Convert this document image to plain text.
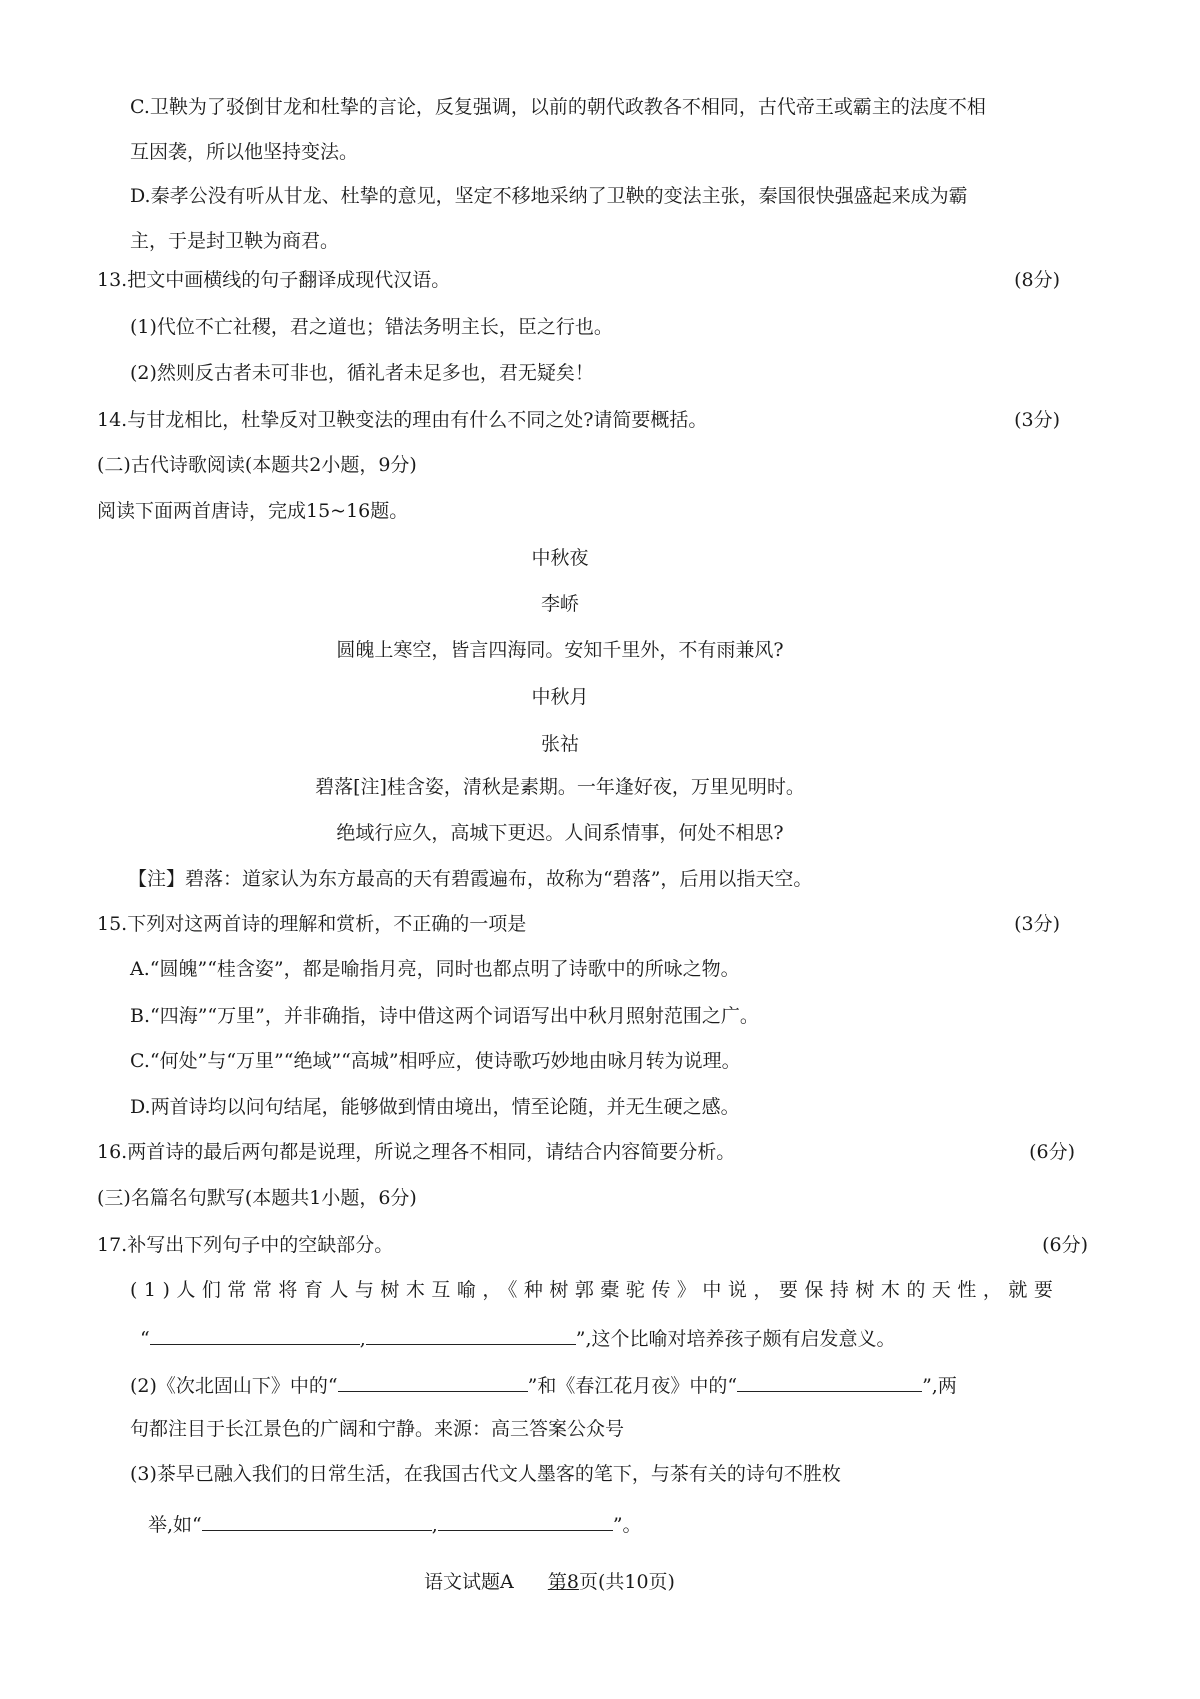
C.卫鞅为了驳倒甘龙和杜挚的言论，反复强调，以前的朝代政教各不相同，古代帝王或霸主的法度不相
互因袭，所以他坚持变法。
D.秦孝公没有听从甘龙、杜挚的意见，坚定不移地采纳了卫鞅的变法主张，秦国很快强盛起来成为霸
主，于是封卫鞅为商君。
13.把文中画横线的句子翻译成现代汉语。	(8分)
(1)代位不亡社稷，君之道也；错法务明主长，臣之行也。
(2)然则反古者未可非也，循礼者未足多也，君无疑矣！
14.与甘龙相比，杜挚反对卫鞅变法的理由有什么不同之处?请简要概括。	(3分)
(二)古代诗歌阅读(本题共2小题，9分)
阅读下面两首唐诗，完成15~16题。
中秋夜
李峤
圆魄上寒空，皆言四海同。安知千里外，不有雨兼风?
中秋月
张祜
碧落[注]桂含姿，清秋是素期。一年逢好夜，万里见明时。
绝域行应久，高城下更迟。人间系情事，何处不相思?
【注】碧落：道家认为东方最高的天有碧霞遍布，故称为“碧落”，后用以指天空。
15.下列对这两首诗的理解和赏析，不正确的一项是	(3分)
A.“圆魄”“桂含姿”，都是喻指月亮，同时也都点明了诗歌中的所咏之物。
B.“四海”“万里”，并非确指，诗中借这两个词语写出中秋月照射范围之广。
C.“何处”与“万里”“绝域”“高城”相呼应，使诗歌巧妙地由咏月转为说理。
D.两首诗均以问句结尾，能够做到情由境出，情至论随，并无生硬之感。
16.两首诗的最后两句都是说理，所说之理各不相同，请结合内容简要分析。	(6分)
(三)名篇名句默写(本题共1小题，6分)
17.补写出下列句子中的空缺部分。	(6分)
(1)人们常常将育人与树木互喻，《种树郭橐驼传》中说，要保持树木的天性，就要
“	,	”,这个比喻对培养孩子颇有启发意义。
(2)《次北固山下》中的“	”和《春江花月夜》中的“	”,两
句都注目于长江景色的广阔和宁静。来源：高三答案公众号
(3)茶早已融入我们的日常生活，在我国古代文人墨客的笔下，与茶有关的诗句不胜枚
举,如“	,	”。
语文试题A 第8页(共10页)
